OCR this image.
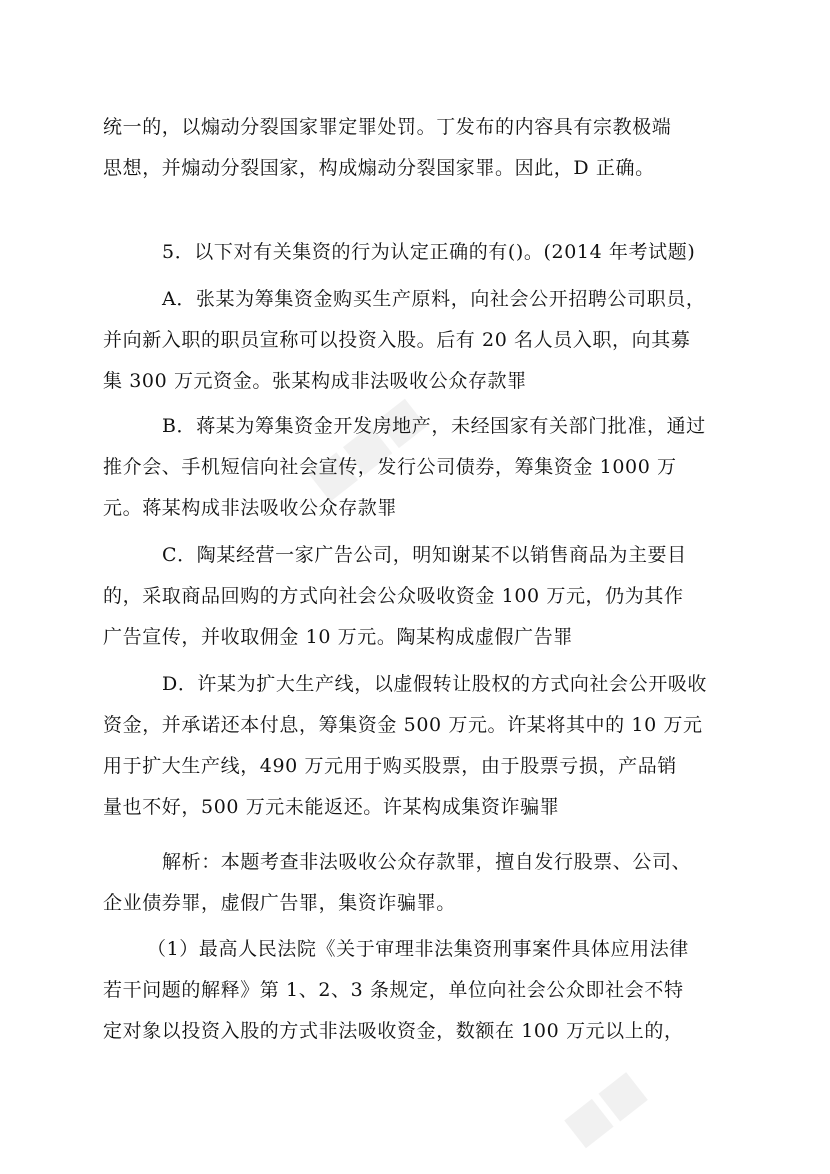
■■■
■■
统一的，以煽动分裂国家罪定罪处罚。丁发布的内容具有宗教极端
思想，并煽动分裂国家，构成煽动分裂国家罪。因此，D 正确。
5．以下对有关集资的行为认定正确的有()。(2014 年考试题)
A．张某为筹集资金购买生产原料，向社会公开招聘公司职员，
并向新入职的职员宣称可以投资入股。后有 20 名人员入职，向其募
集 300 万元资金。张某构成非法吸收公众存款罪
B．蒋某为筹集资金开发房地产，未经国家有关部门批准，通过
推介会、手机短信向社会宣传，发行公司债券，筹集资金 1000 万
元。蒋某构成非法吸收公众存款罪
C．陶某经营一家广告公司，明知谢某不以销售商品为主要目
的，采取商品回购的方式向社会公众吸收资金 100 万元，仍为其作
广告宣传，并收取佣金 10 万元。陶某构成虚假广告罪
D．许某为扩大生产线，以虚假转让股权的方式向社会公开吸收
资金，并承诺还本付息，筹集资金 500 万元。许某将其中的 10 万元
用于扩大生产线，490 万元用于购买股票，由于股票亏损，产品销
量也不好，500 万元未能返还。许某构成集资诈骗罪
解析：本题考查非法吸收公众存款罪，擅自发行股票、公司、
企业债券罪，虚假广告罪，集资诈骗罪。
（1）最高人民法院《关于审理非法集资刑事案件具体应用法律
若干问题的解释》第 1、2、3 条规定，单位向社会公众即社会不特
定对象以投资入股的方式非法吸收资金，数额在 100 万元以上的，
